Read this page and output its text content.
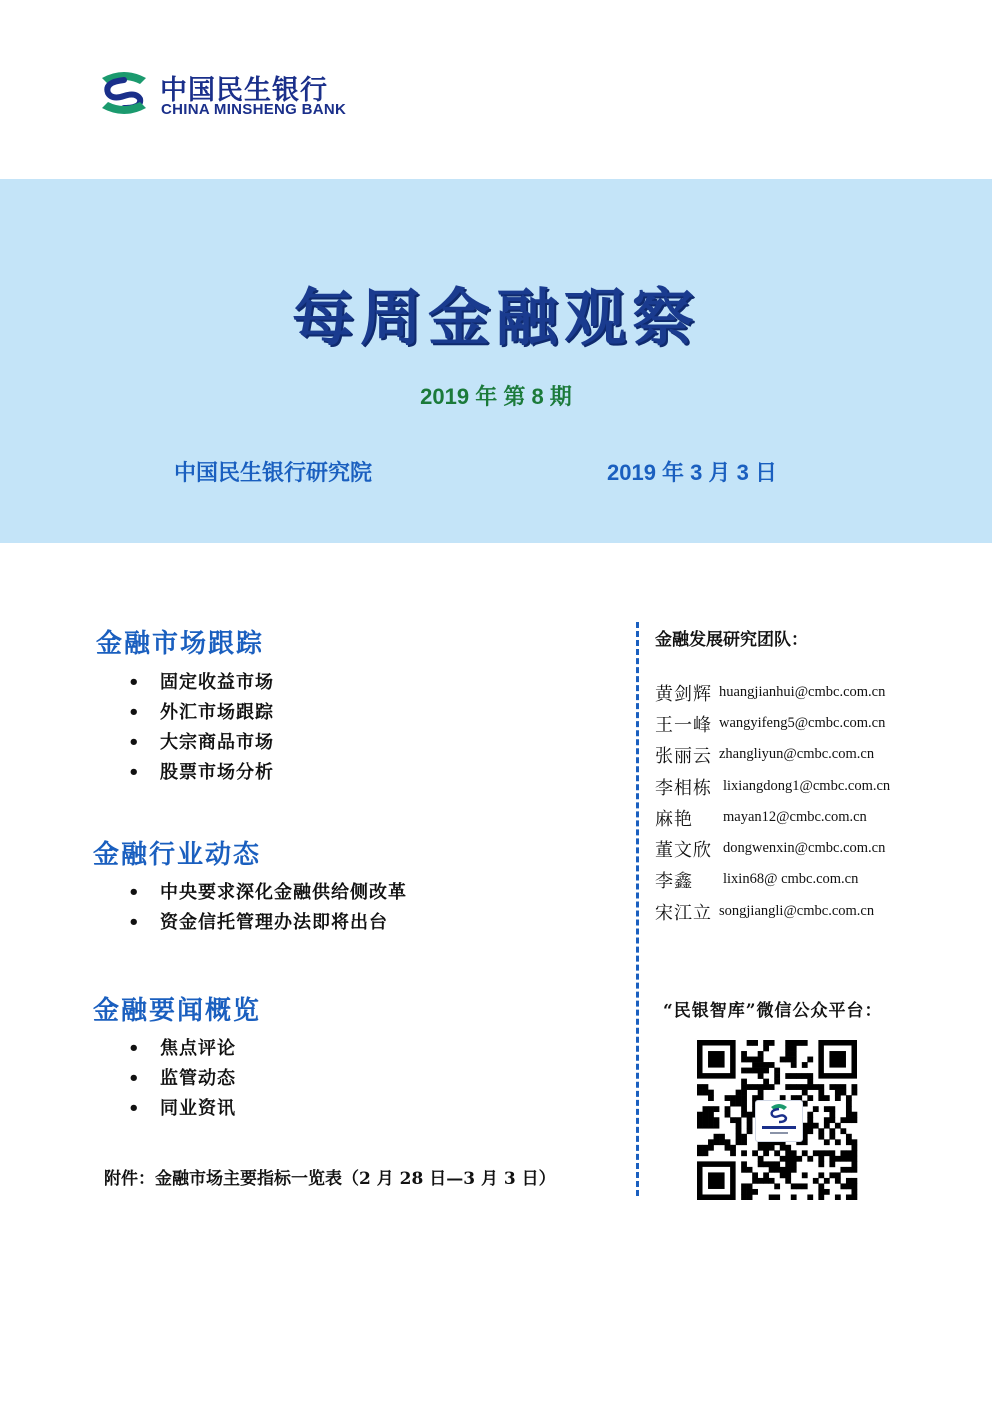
中国民生银行
CHINA MINSHENG BANK
每周金融观察
2019 年 第 8 期
中国民生银行研究院	2019 年 3 月 3 日
金融市场跟踪
• 固定收益市场
• 外汇市场跟踪
• 大宗商品市场
• 股票市场分析
金融行业动态
• 中央要求深化金融供给侧改革
• 资金信托管理办法即将出台
金融要闻概览
• 焦点评论
• 监管动态
• 同业资讯
附件：金融市场主要指标一览表（2 月 28 日—3 月 3 日）
金融发展研究团队：
黄剑辉 huangjianhui@cmbc.com.cn
王一峰 wangyifeng5@cmbc.com.cn
张丽云 zhangliyun@cmbc.com.cn
李相栋 lixiangdong1@cmbc.com.cn
麻艳 mayan12@cmbc.com.cn
董文欣 dongwenxin@cmbc.com.cn
李鑫 lixin68@ cmbc.com.cn
宋江立 songjiangli@cmbc.com.cn
“民银智库”微信公众平台：
